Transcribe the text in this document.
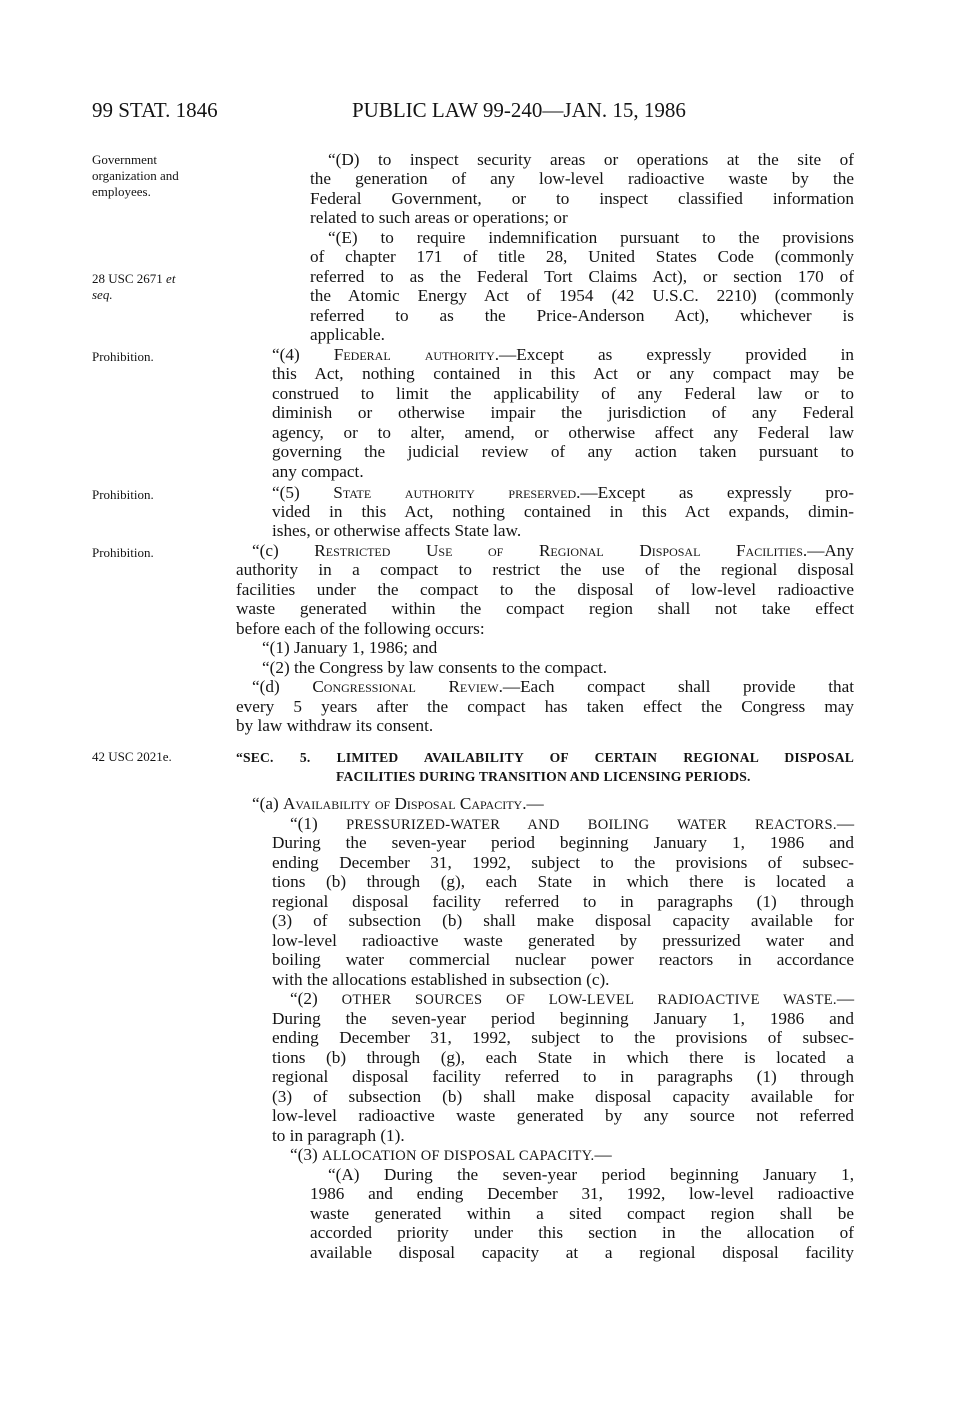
99 STAT. 1846	PUBLIC LAW 99-240—JAN. 15, 1986
Government
organization and
employees.
28 USC 2671 et
seq.
Prohibition.
Prohibition.
Prohibition.
42 USC 2021e.
“(D) to inspect security areas or operations at the site of
the generation of any low-level radioactive waste by the
Federal Government, or to inspect classified information
related to such areas or operations; or
“(E) to require indemnification pursuant to the provisions
of chapter 171 of title 28, United States Code (commonly
referred to as the Federal Tort Claims Act), or section 170 of
the Atomic Energy Act of 1954 (42 U.S.C. 2210) (commonly
referred to as the Price-Anderson Act), whichever is
applicable.
“(4) Federal authority.—Except as expressly provided in
this Act, nothing contained in this Act or any compact may be
construed to limit the applicability of any Federal law or to
diminish or otherwise impair the jurisdiction of any Federal
agency, or to alter, amend, or otherwise affect any Federal law
governing the judicial review of any action taken pursuant to
any compact.
“(5) State authority preserved.—Except as expressly pro-
vided in this Act, nothing contained in this Act expands, dimin-
ishes, or otherwise affects State law.
“(c) Restricted Use of Regional Disposal Facilities.—Any
authority in a compact to restrict the use of the regional disposal
facilities under the compact to the disposal of low-level radioactive
waste generated within the compact region shall not take effect
before each of the following occurs:
“(1) January 1, 1986; and
“(2) the Congress by law consents to the compact.
“(d) Congressional Review.—Each compact shall provide that
every 5 years after the compact has taken effect the Congress may
by law withdraw its consent.
“SEC. 5. LIMITED AVAILABILITY OF CERTAIN REGIONAL DISPOSAL
FACILITIES DURING TRANSITION AND LICENSING PERIODS.
“(a) Availability of Disposal Capacity.—
“(1) PRESSURIZED-WATER AND BOILING WATER REACTORS.—
During the seven-year period beginning January 1, 1986 and
ending December 31, 1992, subject to the provisions of subsec-
tions (b) through (g), each State in which there is located a
regional disposal facility referred to in paragraphs (1) through
(3) of subsection (b) shall make disposal capacity available for
low-level radioactive waste generated by pressurized water and
boiling water commercial nuclear power reactors in accordance
with the allocations established in subsection (c).
“(2) OTHER SOURCES OF LOW-LEVEL RADIOACTIVE WASTE.—
During the seven-year period beginning January 1, 1986 and
ending December 31, 1992, subject to the provisions of subsec-
tions (b) through (g), each State in which there is located a
regional disposal facility referred to in paragraphs (1) through
(3) of subsection (b) shall make disposal capacity available for
low-level radioactive waste generated by any source not referred
to in paragraph (1).
“(3) ALLOCATION OF DISPOSAL CAPACITY.—
“(A) During the seven-year period beginning January 1,
1986 and ending December 31, 1992, low-level radioactive
waste generated within a sited compact region shall be
accorded priority under this section in the allocation of
available disposal capacity at a regional disposal facility
